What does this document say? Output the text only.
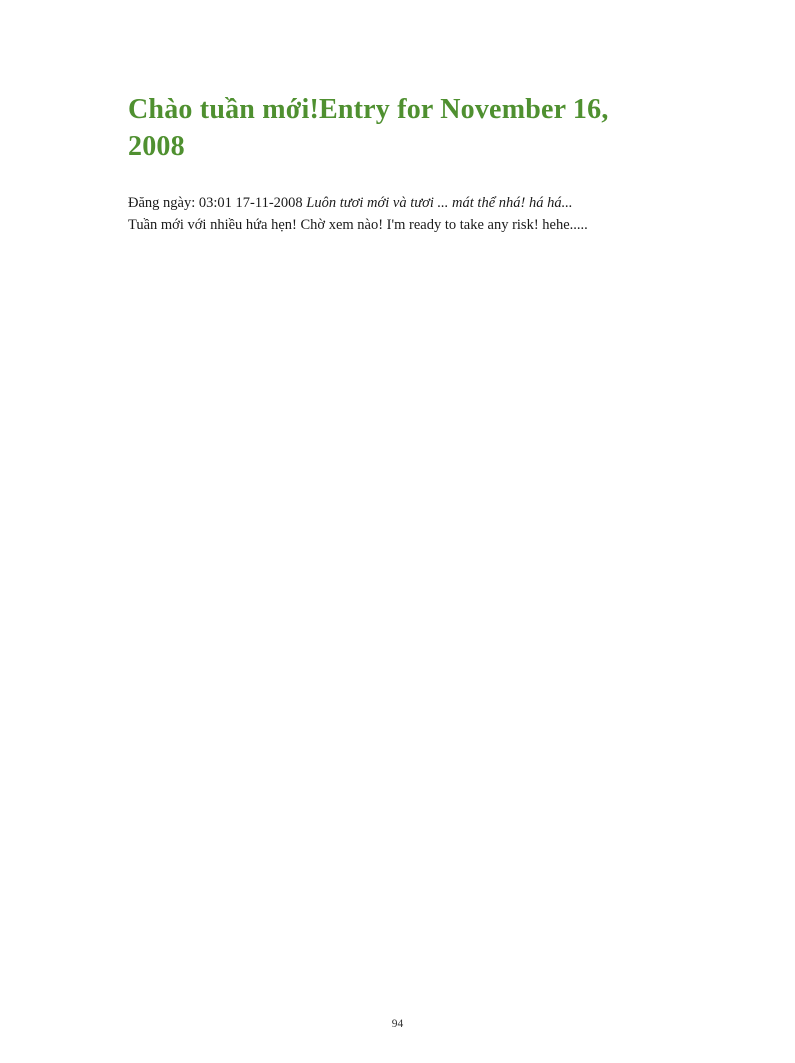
Chào tuần mới!Entry for November 16, 2008

Đăng ngày: 03:01 17-11-2008 Luôn tươi mới và tươi ... mát thể nhá! há há...

Tuần mới với nhiều hứa hẹn! Chờ xem nào! I'm ready to take any risk! hehe.....

94
